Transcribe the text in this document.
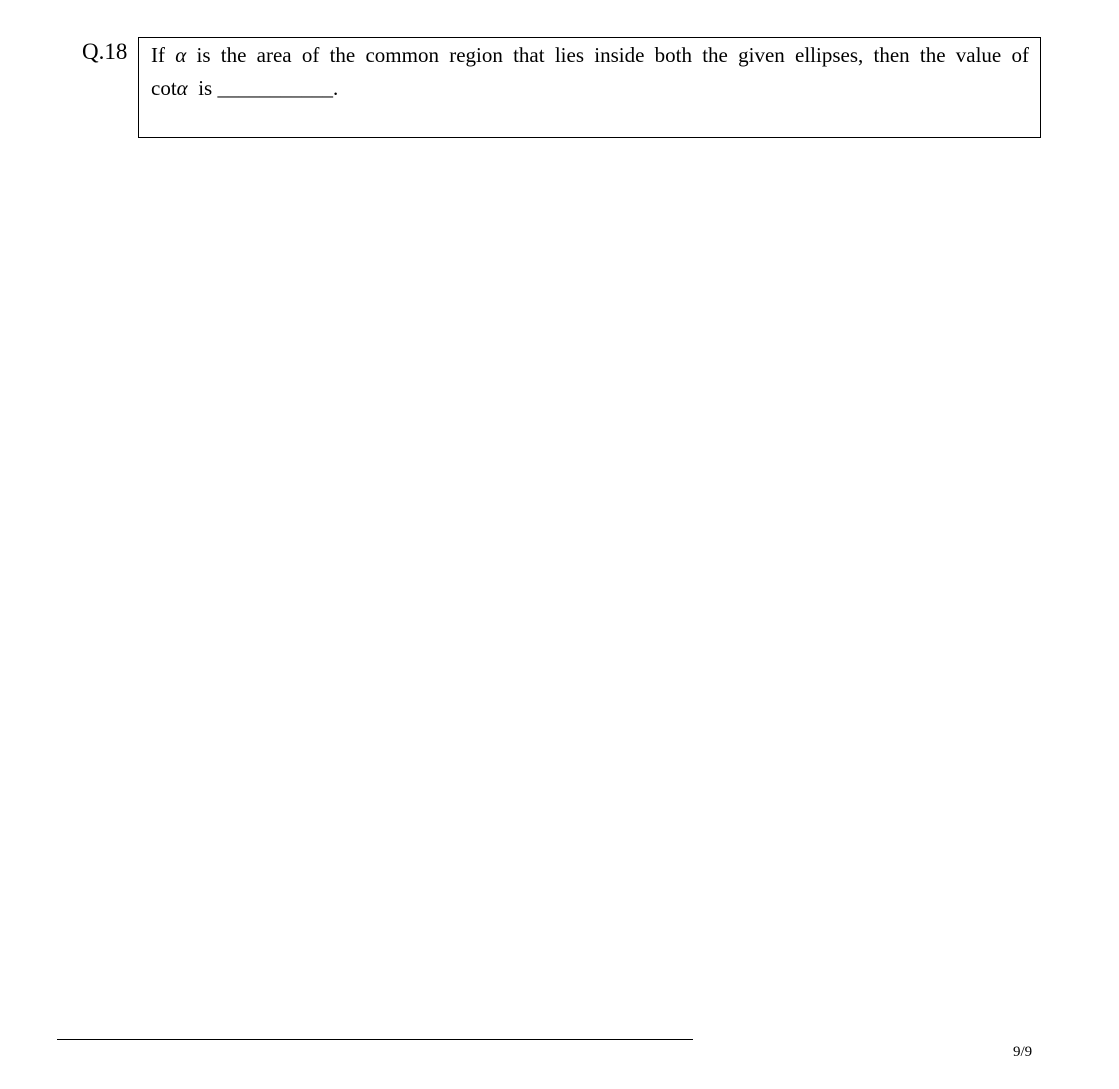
Q.18 If α is the area of the common region that lies inside both the given ellipses, then the value of
cotα is ___________.
9/9
